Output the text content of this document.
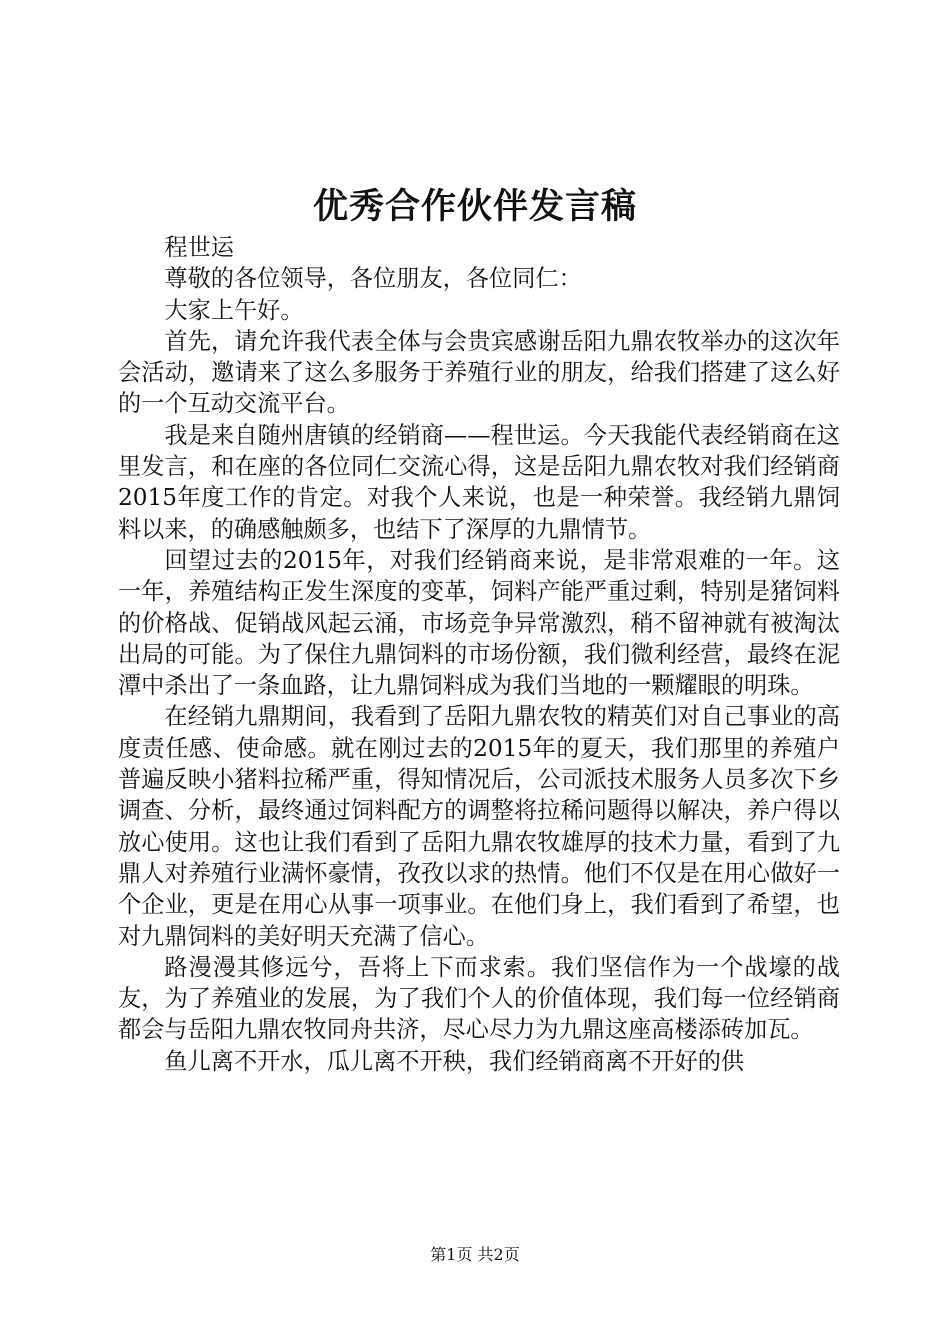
优秀合作伙伴发言稿

程世运

尊敬的各位领导，各位朋友，各位同仁：

大家上午好。

首先，请允许我代表全体与会贵宾感谢岳阳九鼎农牧举办的这次年会活动，邀请来了这么多服务于养殖行业的朋友，给我们搭建了这么好的一个互动交流平台。

我是来自随州唐镇的经销商——程世运。今天我能代表经销商在这里发言，和在座的各位同仁交流心得，这是岳阳九鼎农牧对我们经销商2015年度工作的肯定。对我个人来说，也是一种荣誉。我经销九鼎饲料以来，的确感触颇多，也结下了深厚的九鼎情节。

回望过去的2015年，对我们经销商来说，是非常艰难的一年。这一年，养殖结构正发生深度的变革，饲料产能严重过剩，特别是猪饲料的价格战、促销战风起云涌，市场竞争异常激烈，稍不留神就有被淘汰出局的可能。为了保住九鼎饲料的市场份额，我们微利经营，最终在泥潭中杀出了一条血路，让九鼎饲料成为我们当地的一颗耀眼的明珠。

在经销九鼎期间，我看到了岳阳九鼎农牧的精英们对自己事业的高度责任感、使命感。就在刚过去的2015年的夏天，我们那里的养殖户普遍反映小猪料拉稀严重，得知情况后，公司派技术服务人员多次下乡调查、分析，最终通过饲料配方的调整将拉稀问题得以解决，养户得以放心使用。这也让我们看到了岳阳九鼎农牧雄厚的技术力量，看到了九鼎人对养殖行业满怀豪情，孜孜以求的热情。他们不仅是在用心做好一个企业，更是在用心从事一项事业。在他们身上，我们看到了希望，也对九鼎饲料的美好明天充满了信心。

路漫漫其修远兮，吾将上下而求索。我们坚信作为一个战壕的战友，为了养殖业的发展，为了我们个人的价值体现，我们每一位经销商都会与岳阳九鼎农牧同舟共济，尽心尽力为九鼎这座高楼添砖加瓦。

鱼儿离不开水，瓜儿离不开秧，我们经销商离不开好的供

第1页 共2页
